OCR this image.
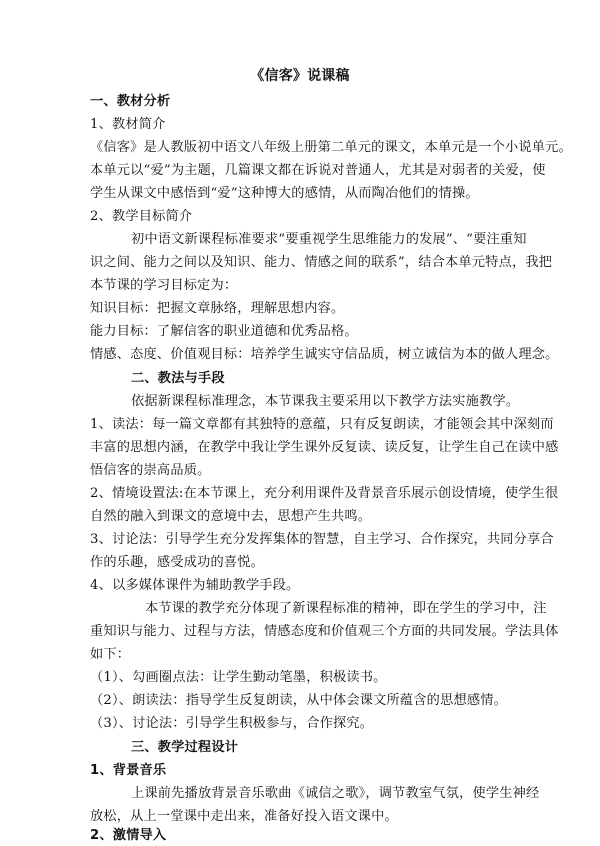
《信客》说课稿
一、教材分析
1、教材简介
《信客》是人教版初中语文八年级上册第二单元的课文，本单元是一个小说单元。
本单元以“爱”为主题，几篇课文都在诉说对普通人，尤其是对弱者的关爱，使
学生从课文中感悟到“爱”这种博大的感情，从而陶冶他们的情操。
2、教学目标简介
初中语文新课程标准要求“要重视学生思维能力的发展”、“要注重知
识之间、能力之间以及知识、能力、情感之间的联系”，结合本单元特点，我把
本节课的学习目标定为：
知识目标：把握文章脉络，理解思想内容。
能力目标：了解信客的职业道德和优秀品格。
情感、态度、价值观目标：培养学生诚实守信品质，树立诚信为本的做人理念。
二、教法与手段
依据新课程标准理念，本节课我主要采用以下教学方法实施教学。
1、读法：每一篇文章都有其独特的意蕴，只有反复朗读，才能领会其中深刻而
丰富的思想内涵，在教学中我让学生课外反复读、读反复，让学生自己在读中感
悟信客的崇高品质。
2、情境设置法:在本节课上，充分利用课件及背景音乐展示创设情境，使学生很
自然的融入到课文的意境中去，思想产生共鸣。
3、讨论法：引导学生充分发挥集体的智慧，自主学习、合作探究，共同分享合
作的乐趣，感受成功的喜悦。
4、以多媒体课件为辅助教学手段。
本节课的教学充分体现了新课程标准的精神，即在学生的学习中，注
重知识与能力、过程与方法，情感态度和价值观三个方面的共同发展。学法具体
如下：
（1）、勾画圈点法：让学生勤动笔墨，积极读书。
（2）、朗读法：指导学生反复朗读，从中体会课文所蕴含的思想感情。
（3）、讨论法：引导学生积极参与，合作探究。
三、教学过程设计
1、背景音乐
上课前先播放背景音乐歌曲《诚信之歌》，调节教室气氛，使学生神经
放松，从上一堂课中走出来，准备好投入语文课中。
2、激情导入
